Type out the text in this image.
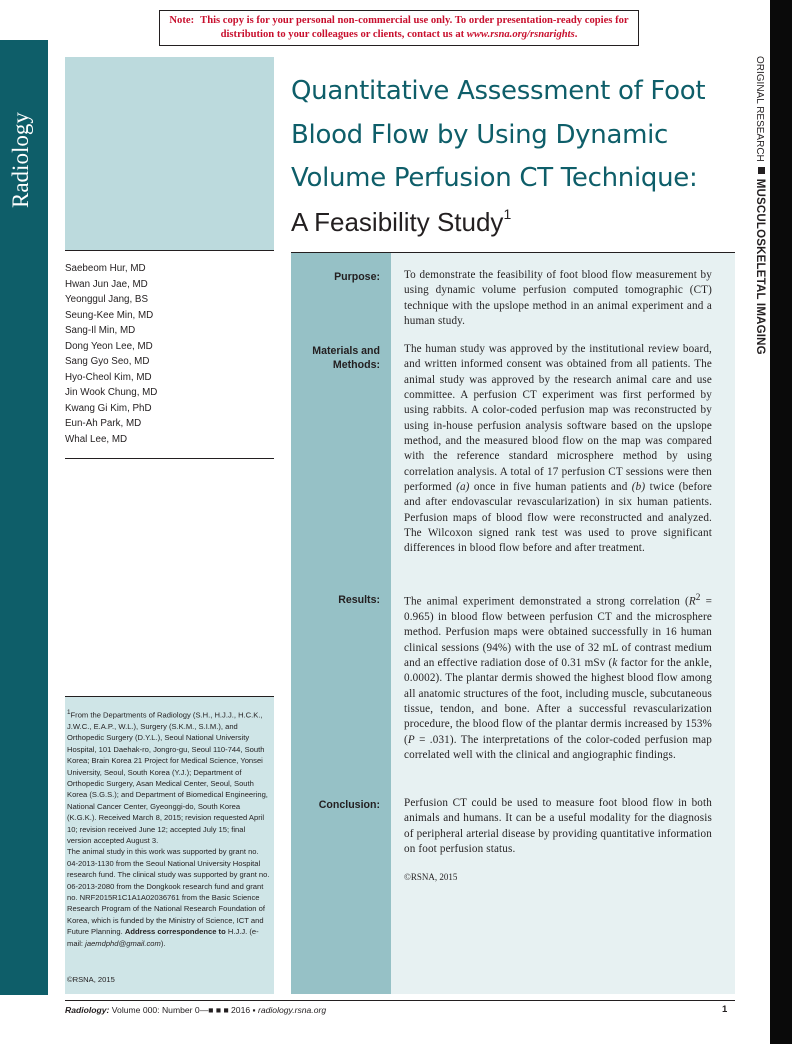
Note: This copy is for your personal non-commercial use only. To order presentation-ready copies for distribution to your colleagues or clients, contact us at www.rsna.org/rsnarights.
Radiology
Saebeom Hur, MD
Hwan Jun Jae, MD
Yeonggul Jang, BS
Seung-Kee Min, MD
Sang-Il Min, MD
Dong Yeon Lee, MD
Sang Gyo Seo, MD
Hyo-Cheol Kim, MD
Jin Wook Chung, MD
Kwang Gi Kim, PhD
Eun-Ah Park, MD
Whal Lee, MD
$^1$From the Departments of Radiology (S.H., H.J.J., H.C.K., J.W.C., E.A.P., W.L.), Surgery (S.K.M., S.I.M.), and Orthopedic Surgery (D.Y.L.), Seoul National University Hospital, 101 Daehak-ro, Jongro-gu, Seoul 110-744, South Korea; Brain Korea 21 Project for Medical Science, Yonsei University, Seoul, South Korea (Y.J.); Department of Orthopedic Surgery, Asan Medical Center, Seoul, South Korea (S.G.S.); and Department of Biomedical Engineering, National Cancer Center, Gyeonggi-do, South Korea (K.G.K.). Received March 8, 2015; revision requested April 10; revision received June 12; accepted July 15; final version accepted August 3.
The animal study in this work was supported by grant no. 04-2013-1130 from the Seoul National University Hospital research fund. The clinical study was supported by grant no. 06-2013-2080 from the Dongkook research fund and grant no. NRF2015R1C1A1A02036761 from the Basic Science Research Program of the National Research Foundation of Korea, which is funded by the Ministry of Science, ICT and Future Planning. Address correspondence to H.J.J. (e-mail: jaemdphd@gmail.com).
©RSNA, 2015
Quantitative Assessment of Foot Blood Flow by Using Dynamic Volume Perfusion CT Technique:
A Feasibility Study$^1$
Purpose: To demonstrate the feasibility of foot blood flow measurement by using dynamic volume perfusion computed tomographic (CT) technique with the upslope method in an animal experiment and a human study.
Materials and
Methods:
The human study was approved by the institutional review board, and written informed consent was obtained from all patients. The animal study was approved by the research animal care and use committee. A perfusion CT experiment was first performed by using rabbits. A color-coded perfusion map was reconstructed by using in-house perfusion analysis software based on the upslope method, and the measured blood flow on the map was compared with the reference standard microsphere method by using correlation analysis. A total of 17 perfusion CT sessions were then performed (a) once in five human patients and (b) twice (before and after endovascular revascularization) in six human patients. Perfusion maps of blood flow were reconstructed and analyzed. The Wilcoxon signed rank test was used to prove significant differences in blood flow before and after treatment.
Results: The animal experiment demonstrated a strong correlation $(R^2 = 0.965)$ in blood flow between perfusion CT and the microsphere method. Perfusion maps were obtained successfully in 16 human clinical sessions (94%) with the use of 32 mL of contrast medium and an effective radiation dose of 0.31 mSv (k factor for the ankle, 0.0002). The plantar dermis showed the highest blood flow among all anatomic structures of the foot, including muscle, subcutaneous tissue, tendon, and bone. After a successful revascularization procedure, the blood flow of the plantar dermis increased by 153% (P = .031). The interpretations of the color-coded perfusion map correlated well with the clinical and angiographic findings.
Conclusion: Perfusion CT could be used to measure foot blood flow in both animals and humans. It can be a useful modality for the diagnosis of peripheral arterial disease by providing quantitative information on foot perfusion status.
©RSNA, 2015
ORIGINAL RESEARCHMUSCULOSKELETAL IMAGING
Radiology: Volume 000: Number 0—■ ■ ■ 2016 ▪ radiology.rsna.org	1
